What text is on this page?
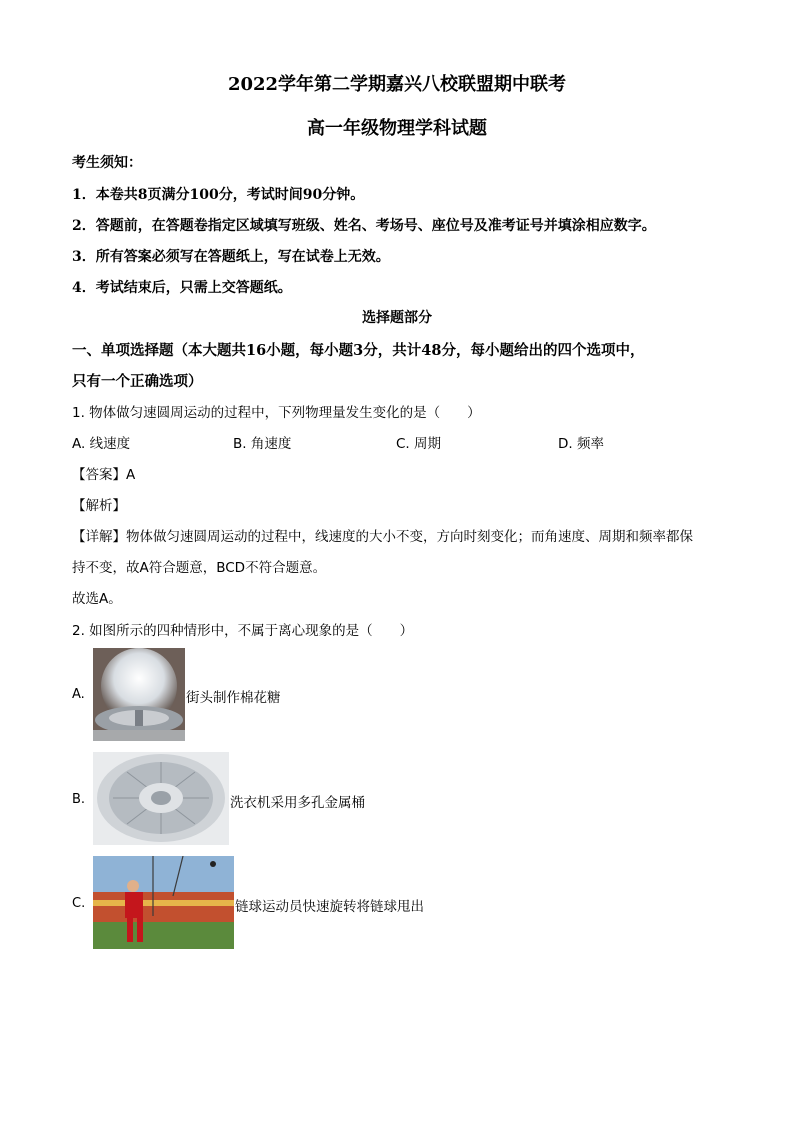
2022学年第二学期嘉兴八校联盟期中联考
高一年级物理学科试题
考生须知：
1．本卷共8页满分100分，考试时间90分钟。
2．答题前，在答题卷指定区域填写班级、姓名、考场号、座位号及准考证号并填涂相应数字。
3．所有答案必须写在答题纸上，写在试卷上无效。
4．考试结束后，只需上交答题纸。
选择题部分
一、单项选择题（本大题共16小题，每小题3分，共计48分，每小题给出的四个选项中，
只有一个正确选项）
1. 物体做匀速圆周运动的过程中，下列物理量发生变化的是（　　）
A. 线速度	B. 角速度	C. 周期	D. 频率
【答案】A
【解析】
【详解】物体做匀速圆周运动的过程中，线速度的大小不变，方向时刻变化；而角速度、周期和频率都保
持不变，故A符合题意，BCD不符合题意。
故选A。
2. 如图所示的四种情形中，不属于离心现象的是（　　）
A.	街头制作棉花糖
B.	洗衣机采用多孔金属桶
C.	链球运动员快速旋转将链球甩出
